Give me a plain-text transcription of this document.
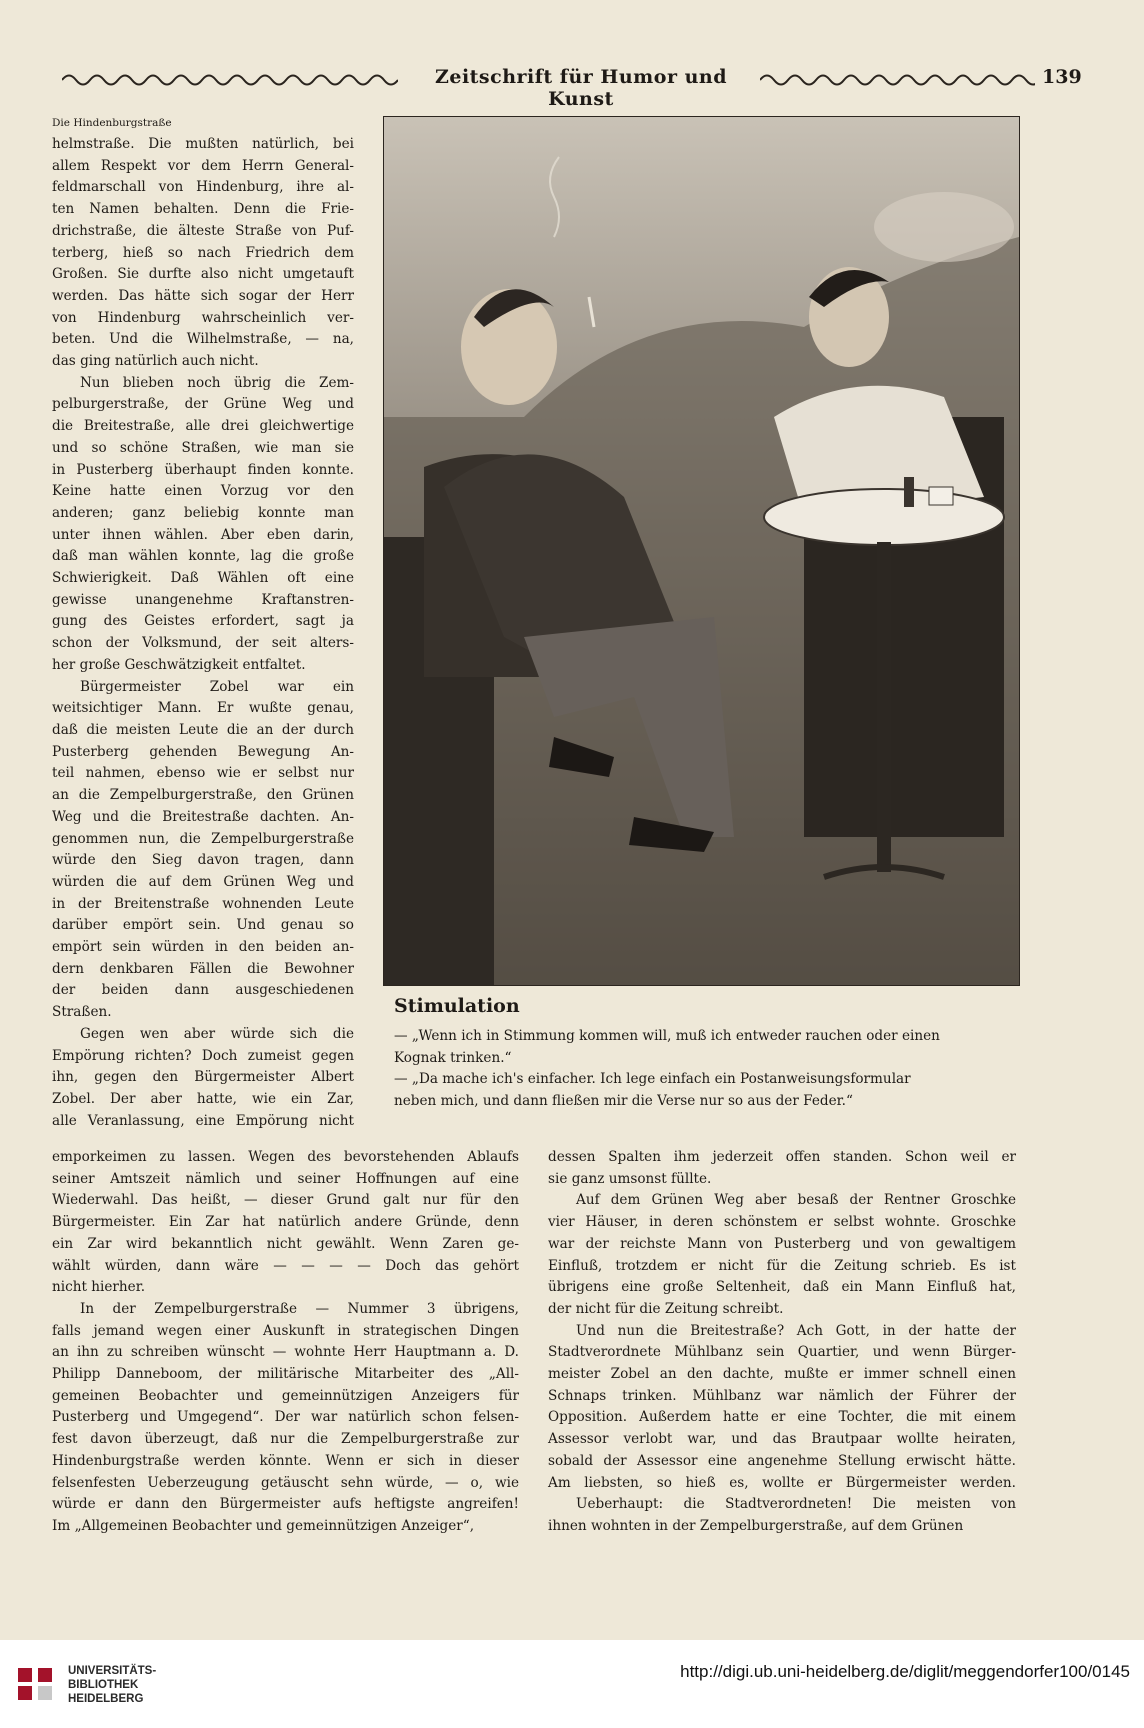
Zeitschrift für Humor und Kunst
139

Die Hindenburgstraße

helmstraße. Die mußten natürlich, bei

allem Respekt vor dem Herrn General-

feldmarschall von Hindenburg, ihre al-

ten Namen behalten. Denn die Frie-

drichstraße, die älteste Straße von Puf-

terberg, hieß so nach Friedrich dem

Großen. Sie durfte also nicht umgetauft

werden. Das hätte sich sogar der Herr

von Hindenburg wahrscheinlich ver-

beten. Und die Wilhelmstraße, — na,

das ging natürlich auch nicht.

Nun blieben noch übrig die Zem-

pelburgerstraße, der Grüne Weg und

die Breitestraße, alle drei gleichwertige

und so schöne Straßen, wie man sie

in Pusterberg überhaupt finden konnte.

Keine hatte einen Vorzug vor den

anderen; ganz beliebig konnte man

unter ihnen wählen. Aber eben darin,

daß man wählen konnte, lag die große

Schwierigkeit. Daß Wählen oft eine

gewisse unangenehme Kraftanstren-

gung des Geistes erfordert, sagt ja

schon der Volksmund, der seit alters-

her große Geschwätzigkeit entfaltet.

Bürgermeister Zobel war ein

weitsichtiger Mann. Er wußte genau,

daß die meisten Leute die an der durch

Pusterberg gehenden Bewegung An-

teil nahmen, ebenso wie er selbst nur

an die Zempelburgerstraße, den Grünen

Weg und die Breitestraße dachten. An-

genommen nun, die Zempelburgerstraße

würde den Sieg davon tragen, dann

würden die auf dem Grünen Weg und

in der Breitenstraße wohnenden Leute

darüber empört sein. Und genau so

empört sein würden in den beiden an-

dern denkbaren Fällen die Bewohner

der beiden dann ausgeschiedenen

Straßen.

Gegen wen aber würde sich die

Empörung richten? Doch zumeist gegen

ihn, gegen den Bürgermeister Albert

Zobel. Der aber hatte, wie ein Zar,

alle Veranlassung, eine Empörung nicht

Stimulation

— „Wenn ich in Stimmung kommen will, muß ich entweder rauchen oder einen

Kognak trinken.“

— „Da mache ich's einfacher. Ich lege einfach ein Postanweisungsformular

neben mich, und dann fließen mir die Verse nur so aus der Feder.“

emporkeimen zu lassen. Wegen des bevorstehenden Ablaufs

seiner Amtszeit nämlich und seiner Hoffnungen auf eine

Wiederwahl. Das heißt, — dieser Grund galt nur für den

Bürgermeister. Ein Zar hat natürlich andere Gründe, denn

ein Zar wird bekanntlich nicht gewählt. Wenn Zaren ge-

wählt würden, dann wäre — — — — Doch das gehört

nicht hierher.

In der Zempelburgerstraße — Nummer 3 übrigens,

falls jemand wegen einer Auskunft in strategischen Dingen

an ihn zu schreiben wünscht — wohnte Herr Hauptmann a. D.

Philipp Danneboom, der militärische Mitarbeiter des „All-

gemeinen Beobachter und gemeinnützigen Anzeigers für

Pusterberg und Umgegend“. Der war natürlich schon felsen-

fest davon überzeugt, daß nur die Zempelburgerstraße zur

Hindenburgstraße werden könnte. Wenn er sich in dieser

felsenfesten Ueberzeugung getäuscht sehn würde, — o, wie

würde er dann den Bürgermeister aufs heftigste angreifen!

Im „Allgemeinen Beobachter und gemeinnützigen Anzeiger“,

dessen Spalten ihm jederzeit offen standen. Schon weil er

sie ganz umsonst füllte.

Auf dem Grünen Weg aber besaß der Rentner Groschke

vier Häuser, in deren schönstem er selbst wohnte. Groschke

war der reichste Mann von Pusterberg und von gewaltigem

Einfluß, trotzdem er nicht für die Zeitung schrieb. Es ist

übrigens eine große Seltenheit, daß ein Mann Einfluß hat,

der nicht für die Zeitung schreibt.

Und nun die Breitestraße? Ach Gott, in der hatte der

Stadtverordnete Mühlbanz sein Quartier, und wenn Bürger-

meister Zobel an den dachte, mußte er immer schnell einen

Schnaps trinken. Mühlbanz war nämlich der Führer der

Opposition. Außerdem hatte er eine Tochter, die mit einem

Assessor verlobt war, und das Brautpaar wollte heiraten,

sobald der Assessor eine angenehme Stellung erwischt hätte.

Am liebsten, so hieß es, wollte er Bürgermeister werden.

Ueberhaupt: die Stadtverordneten! Die meisten von

ihnen wohnten in der Zempelburgerstraße, auf dem Grünen

UNIVERSITÄTS-
BIBLIOTHEK
HEIDELBERG
http://digi.ub.uni-heidelberg.de/diglit/meggendorfer100/0145
